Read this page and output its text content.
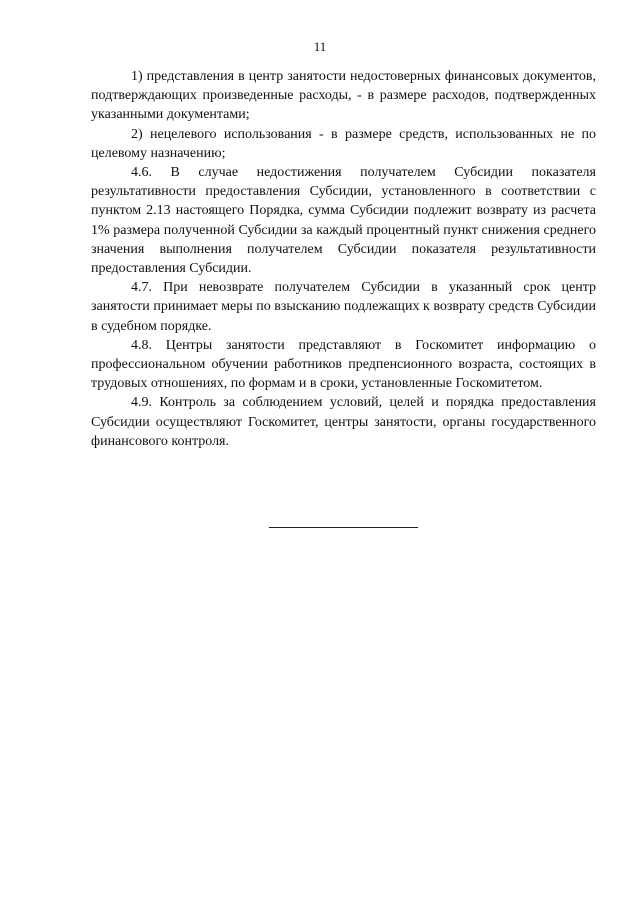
11

1) представления в центр занятости недостоверных финансовых документов, подтверждающих произведенные расходы, - в размере расходов, подтвержденных указанными документами;

2) нецелевого использования - в размере средств, использованных не по целевому назначению;

4.6. В случае недостижения получателем Субсидии показателя результативности предоставления Субсидии, установленного в соответствии с пунктом 2.13 настоящего Порядка, сумма Субсидии подлежит возврату из расчета 1% размера полученной Субсидии за каждый процентный пункт снижения среднего значения выполнения получателем Субсидии показателя результативности предоставления Субсидии.

4.7. При невозврате получателем Субсидии в указанный срок центр занятости принимает меры по взысканию подлежащих к возврату средств Субсидии в судебном порядке.

4.8. Центры занятости представляют в Госкомитет информацию о профессиональном обучении работников предпенсионного возраста, состоящих в трудовых отношениях, по формам и в сроки, установленные Госкомитетом.

4.9. Контроль за соблюдением условий, целей и порядка предоставления Субсидии осуществляют Госкомитет, центры занятости, органы государственного финансового контроля.
